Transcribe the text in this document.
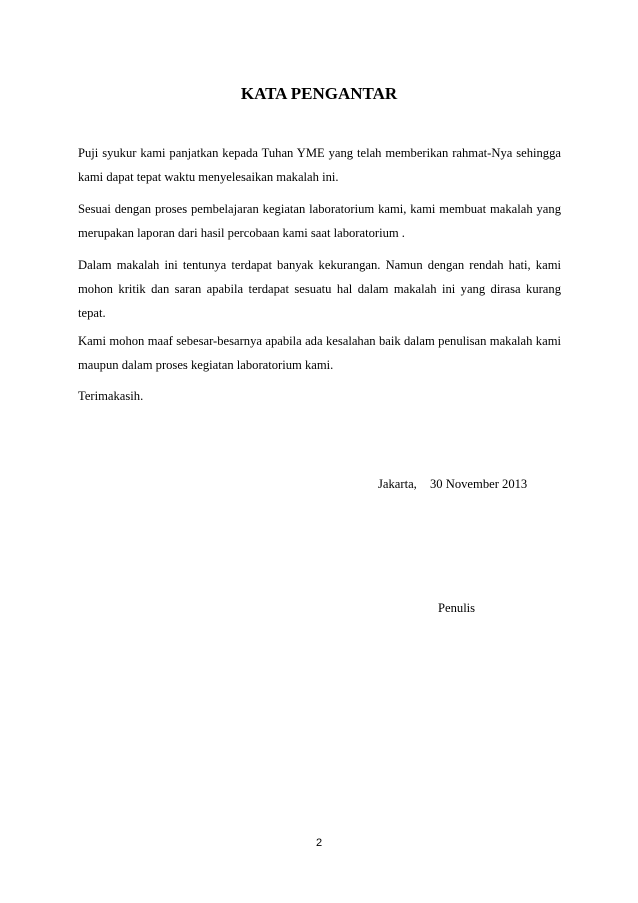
KATA PENGANTAR
Puji syukur kami panjatkan kepada Tuhan YME yang telah memberikan rahmat-Nya sehingga kami dapat tepat waktu menyelesaikan makalah ini.
Sesuai dengan proses pembelajaran kegiatan laboratorium kami, kami membuat makalah yang merupakan laporan dari hasil percobaan kami saat laboratorium .
Dalam makalah ini tentunya terdapat banyak kekurangan. Namun dengan rendah hati, kami mohon kritik dan saran apabila terdapat sesuatu hal dalam makalah ini yang dirasa kurang tepat.
Kami mohon maaf sebesar-besarnya apabila ada kesalahan baik dalam penulisan makalah kami maupun dalam proses kegiatan laboratorium kami.
Terimakasih.
Jakarta, 30 November 2013
Penulis
2
